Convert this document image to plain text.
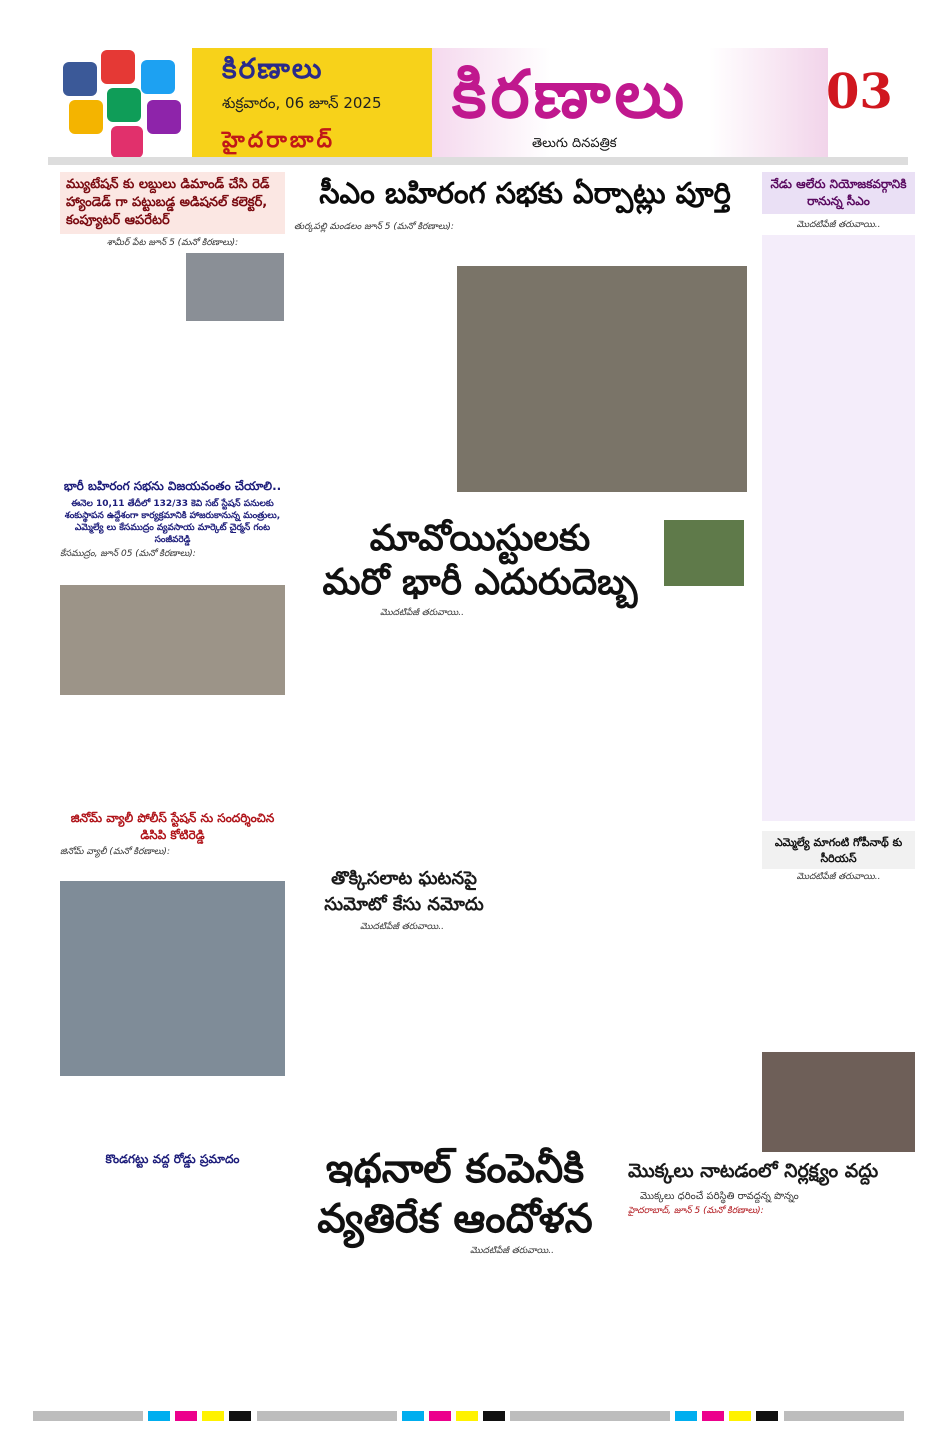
కిరణాలు
శుక్రవారం, 06 జూన్ 2025
హైదరాబాద్
కిరణాలు
తెలుగు దినపత్రిక
03
మ్యుటేషన్ కు లబ్దులు డిమాండ్ చేసి రెడ్ హ్యాండెడ్ గా పట్టుబడ్డ అడిషనల్ కలెక్టర్, కంప్యూటర్ ఆపరేటర్
శామీర్ పేట జూన్ 5 (మనో కిరణాలు):

భారీ బహిరంగ సభను విజయవంతం చేయాలి..
ఈనెల 10,11 తేదీలో 132/33 కెవి సబ్ స్టేషన్ పనులకు శంకుస్థాపన ఉద్దేశంగా కార్యక్రమానికి హాజరుకానున్న మంత్రులు, ఎమ్మెల్యే లు కేసముద్రం వ్యవసాయ మార్కెట్ చైర్మన్ గంట సంజీవరెడ్డి
కేసముద్రం, జూన్ 05 (మనో కిరణాలు):

జినోమ్ వ్యాలీ పోలీస్ స్టేషన్ ను సందర్శించిన డిసిపి కోటిరెడ్డి
జినోమ్ వ్యాలీ (మనో కిరణాలు):

కొండగట్టు వద్ద రోడ్డు ప్రమాదం

సీఎం బహిరంగ సభకు ఏర్పాట్లు పూర్తి
తుర్కపల్లి మండలం జూన్ 5 (మనో కిరణాలు):

మావోయిస్టులకు
మరో భారీ ఎదురుదెబ్బ
మొదటిపేజీ తరువాయి..

తొక్కిసలాట ఘటనపై
సుమోటో కేసు నమోదు
మొదటిపేజీ తరువాయి..

ఇథనాల్ కంపెనీకి
వ్యతిరేక ఆందోళన
మొదటిపేజీ తరువాయి..

మొక్కలు నాటడంలో నిర్లక్ష్యం వద్దు
మొక్కలు ధరించే పరిస్థితి రావద్దన్న పొన్నం
హైదరాబాద్, జూన్ 5 (మనో కిరణాలు):

నేడు ఆలేరు నియోజకవర్గానికి రానున్న సీఎం
మొదటిపేజీ తరువాయి..

ఎమ్మెల్యే మాగంటి గోపీనాథ్ కు సీరియస్
మొదటిపేజీ తరువాయి..
